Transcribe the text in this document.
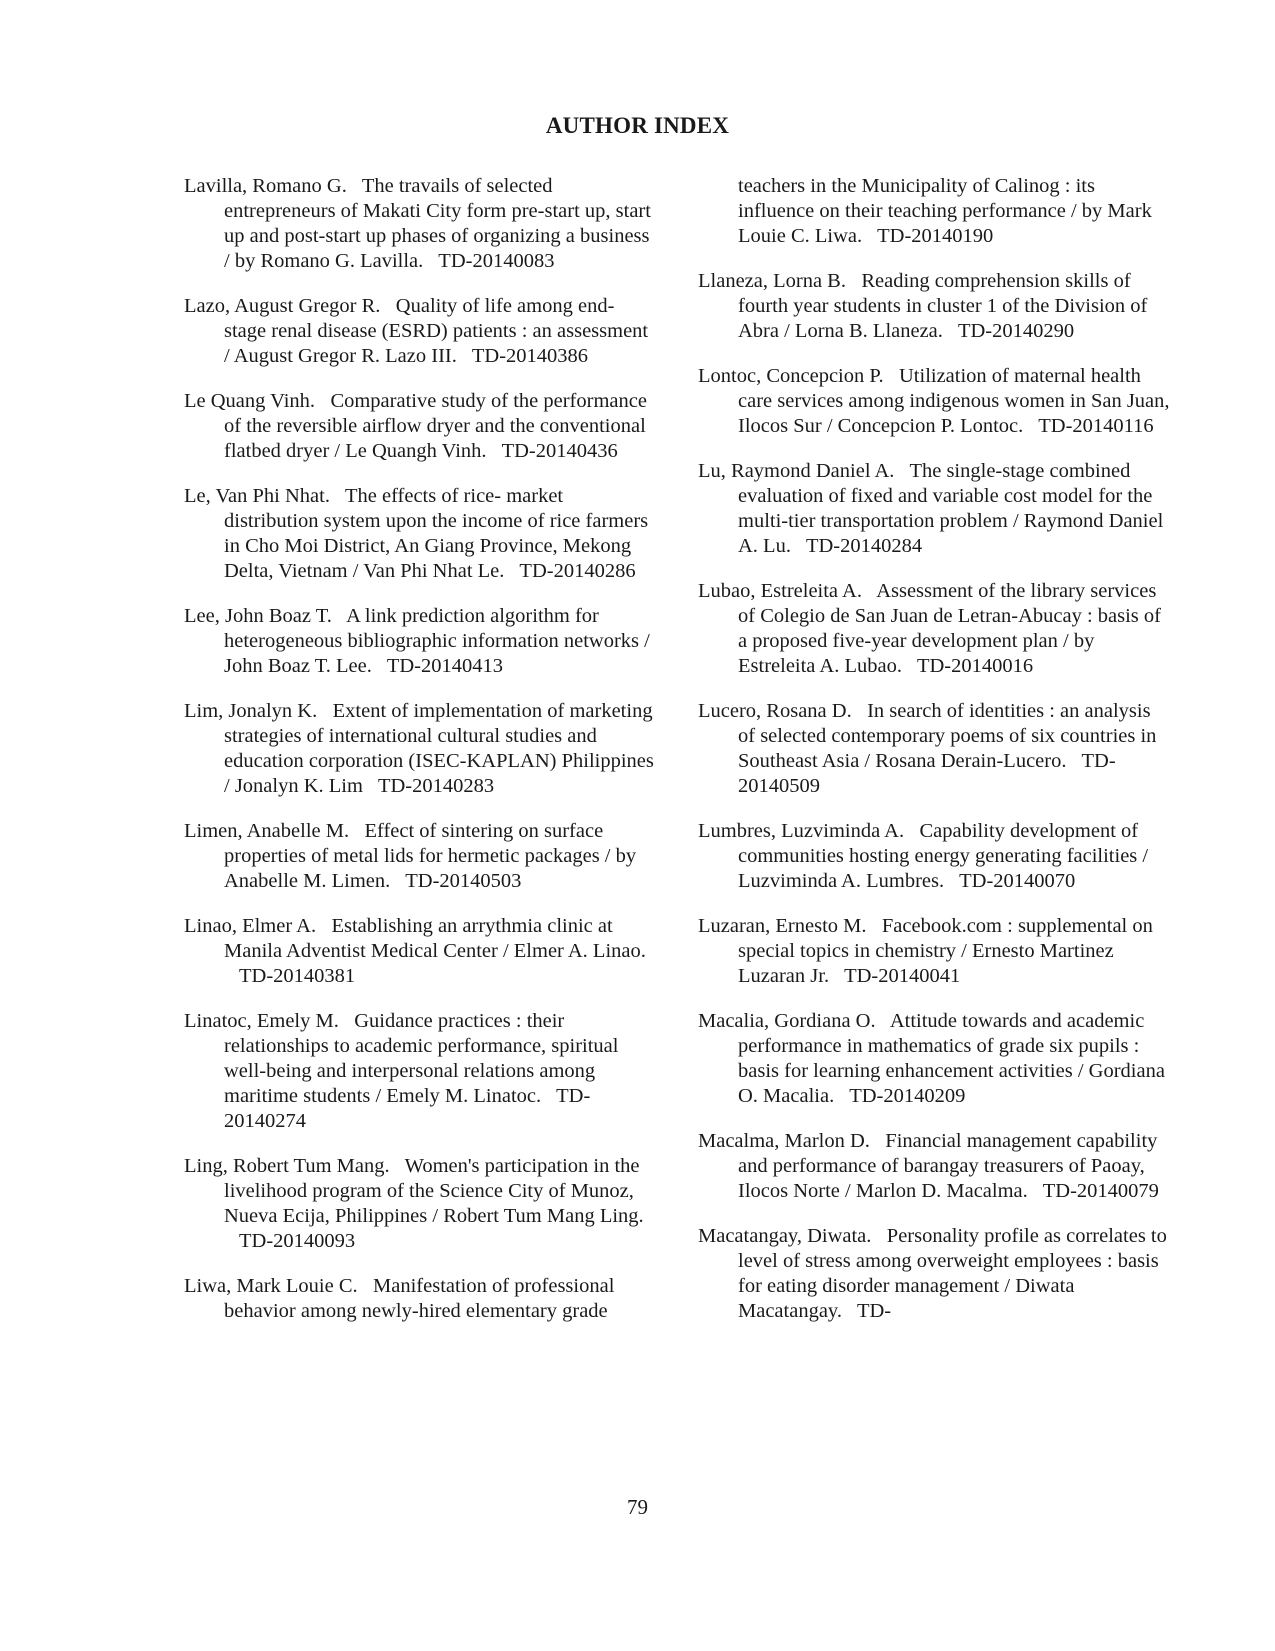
AUTHOR INDEX

Lavilla, Romano G. The travails of selected entrepreneurs of Makati City form pre-start up, start up and post-start up phases of organizing a business / by Romano G. Lavilla. TD-20140083

Lazo, August Gregor R. Quality of life among end-stage renal disease (ESRD) patients : an assessment / August Gregor R. Lazo III. TD-20140386

Le Quang Vinh. Comparative study of the performance of the reversible airflow dryer and the conventional flatbed dryer / Le Quangh Vinh. TD-20140436

Le, Van Phi Nhat. The effects of rice- market distribution system upon the income of rice farmers in Cho Moi District, An Giang Province, Mekong Delta, Vietnam / Van Phi Nhat Le. TD-20140286

Lee, John Boaz T. A link prediction algorithm for heterogeneous bibliographic information networks / John Boaz T. Lee. TD-20140413

Lim, Jonalyn K. Extent of implementation of marketing strategies of international cultural studies and education corporation (ISEC-KAPLAN) Philippines / Jonalyn K. Lim TD-20140283

Limen, Anabelle M. Effect of sintering on surface properties of metal lids for hermetic packages / by Anabelle M. Limen. TD-20140503

Linao, Elmer A. Establishing an arrythmia clinic at Manila Adventist Medical Center / Elmer A. Linao.   TD-20140381

Linatoc, Emely M. Guidance practices : their relationships to academic performance, spiritual well-being and interpersonal relations among maritime students / Emely M. Linatoc. TD-20140274

Ling, Robert Tum Mang. Women's participation in the livelihood program of the Science City of Munoz, Nueva Ecija, Philippines / Robert Tum Mang Ling.   TD-20140093

Liwa, Mark Louie C. Manifestation of professional behavior among newly-hired elementary grade

teachers in the Municipality of Calinog : its influence on their teaching performance / by Mark Louie C. Liwa. TD-20140190

Llaneza, Lorna B. Reading comprehension skills of fourth year students in cluster 1 of the Division of Abra / Lorna B. Llaneza. TD-20140290

Lontoc, Concepcion P. Utilization of maternal health care services among indigenous women in San Juan, Ilocos Sur / Concepcion P. Lontoc. TD-20140116

Lu, Raymond Daniel A. The single-stage combined evaluation of fixed and variable cost model for the multi-tier transportation problem / Raymond Daniel A. Lu. TD-20140284

Lubao, Estreleita A. Assessment of the library services of Colegio de San Juan de Letran-Abucay : basis of a proposed five-year development plan / by Estreleita A. Lubao. TD-20140016

Lucero, Rosana D. In search of identities : an analysis of selected contemporary poems of six countries in Southeast Asia / Rosana Derain-Lucero. TD-20140509

Lumbres, Luzviminda A. Capability development of communities hosting energy generating facilities / Luzviminda A. Lumbres. TD-20140070

Luzaran, Ernesto M. Facebook.com : supplemental on special topics in chemistry / Ernesto Martinez Luzaran Jr. TD-20140041

Macalia, Gordiana O. Attitude towards and academic performance in mathematics of grade six pupils : basis for learning enhancement activities / Gordiana O. Macalia. TD-20140209

Macalma, Marlon D. Financial management capability and performance of barangay treasurers of Paoay, Ilocos Norte / Marlon D. Macalma. TD-20140079

Macatangay, Diwata. Personality profile as correlates to level of stress among overweight employees : basis for eating disorder management / Diwata Macatangay. TD-

79
